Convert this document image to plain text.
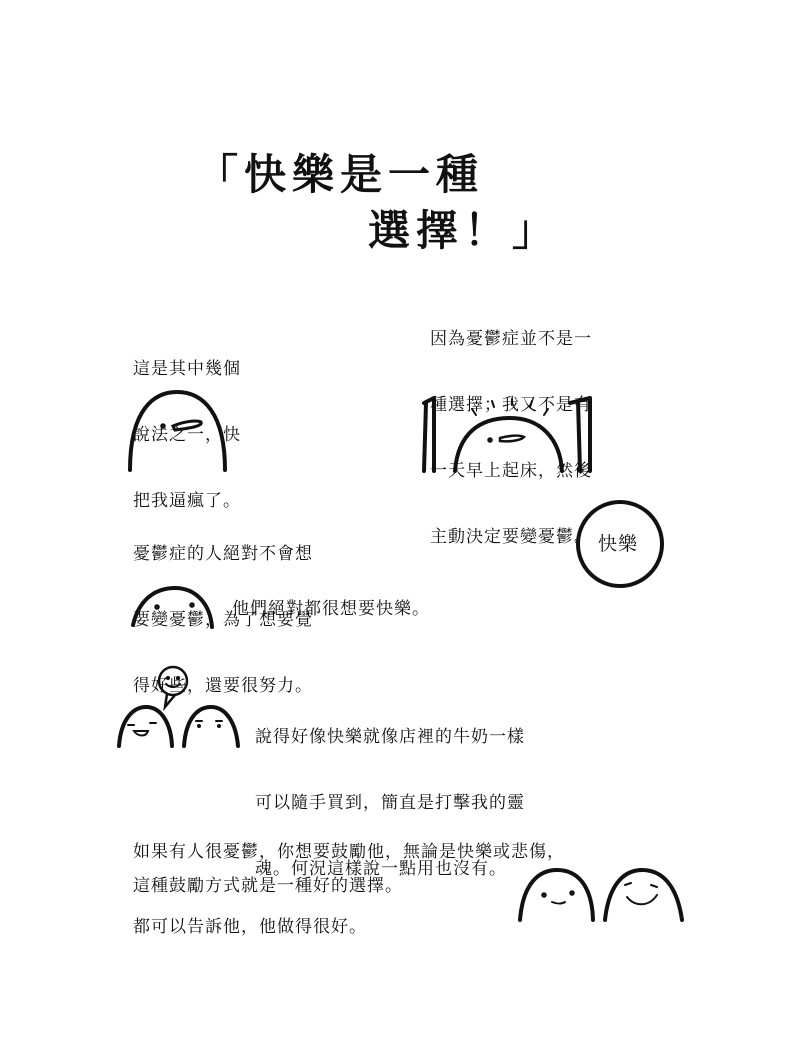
「快樂是一種
選擇！」

這是其中幾個

說法之一，快

把我逼瘋了。

因為憂鬱症並不是一

種選擇；我又不是有

一天早上起床，然後

主動決定要變憂鬱。

憂鬱症的人絕對不會想

要變憂鬱，為了想要覺

得好些，還要很努力。

快樂
他們絕對都很想要快樂。

說得好像快樂就像店裡的牛奶一樣

可以隨手買到，簡直是打擊我的靈

魂。何況這樣說一點用也沒有。

如果有人很憂鬱，你想要鼓勵他，無論是快樂或悲傷，

都可以告訴他，他做得很好。

這種鼓勵方式就是一種好的選擇。
